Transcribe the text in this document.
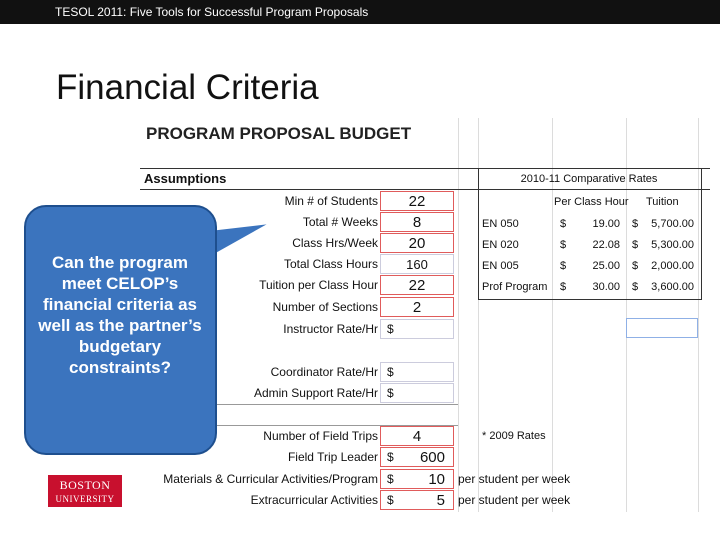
TESOL 2011: Five Tools for Successful Program Proposals
Financial Criteria
PROGRAM PROPOSAL BUDGET
Assumptions	2010-11 Comparative Rates
Per Class Hour Tuition
EN 050	$	19.00 $	5,700.00
EN 020	$	22.08 $	5,300.00
EN 005	$	25.00 $	2,000.00
Prof Program $	30.00 $	3,600.00
Min # of Students	22
Total # Weeks	8
Class Hrs/Week	20
Total Class Hours	160
Tuition per Class Hour	22
Number of Sections	2
Instructor Rate/Hr $
Coordinator Rate/Hr $
Admin Support Rate/Hr $
Number of Field Trips	4	* 2009 Rates
Field Trip Leader $ 600
Materials & Curricular Activities/Program $ 10 per student per week
Extracurricular Activities $	5 per student per week
Can the program meet CELOP’s financial criteria as well as the partner’s budgetary constraints?
BOSTON
UNIVERSITY
